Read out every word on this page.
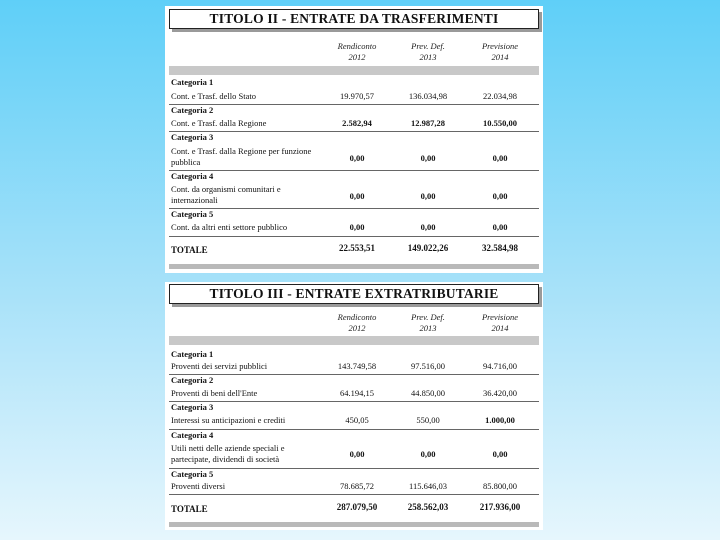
TITOLO II - ENTRATE DA TRASFERIMENTI
Rendiconto
2012
Prev. Def.
2013
Previsione
2014
Categoria 1
Cont. e Trasf. dello Stato	19.970,57	136.034,98	22.034,98
Categoria 2
Cont. e Trasf. dalla Regione	2.582,94	12.987,28	10.550,00
Categoria 3
Cont. e Trasf. dalla Regione per funzione pubblica	0,00	0,00	0,00
Categoria 4
Cont. da organismi comunitari e internazionali	0,00	0,00	0,00
Categoria 5
Cont. da altri enti settore pubblico	0,00	0,00	0,00
TOTALE	22.553,51	149.022,26	32.584,98
TITOLO III - ENTRATE EXTRATRIBUTARIE
Rendiconto
2012
Prev. Def.
2013
Previsione
2014
Categoria 1
Proventi dei servizi pubblici	143.749,58	97.516,00	94.716,00
Categoria 2
Proventi di beni dell'Ente	64.194,15	44.850,00	36.420,00
Categoria 3
Interessi su anticipazioni e crediti	450,05	550,00	1.000,00
Categoria 4
Utili netti delle aziende speciali e partecipate, dividendi di società	0,00	0,00	0,00
Categoria 5
Proventi diversi	78.685,72	115.646,03	85.800,00
TOTALE	287.079,50	258.562,03	217.936,00
